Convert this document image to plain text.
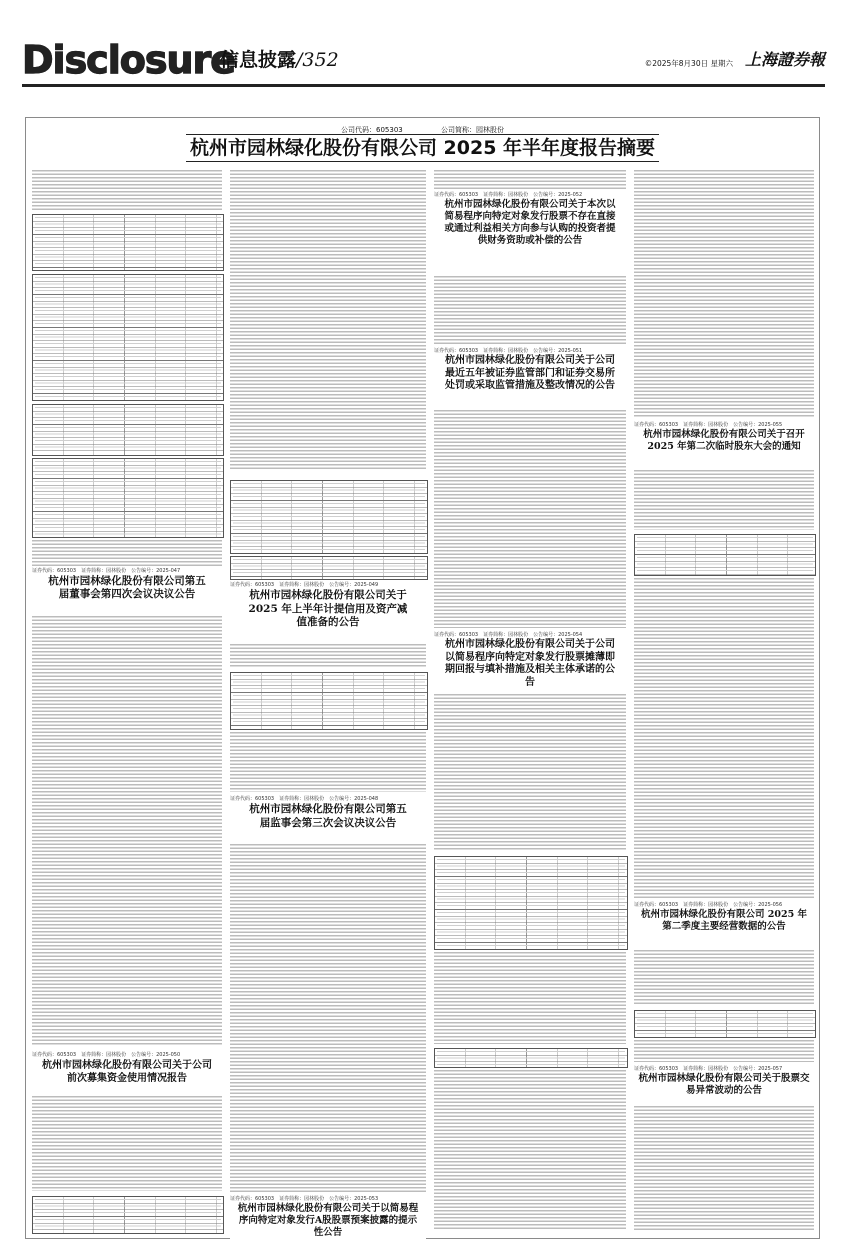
Disclosure
信息披露/352	©2025年8月30日 星期六 上海證券報
公司代码：605303	公司简称：园林股份
杭州市园林绿化股份有限公司 2025 年半年度报告摘要
证券代码：605303　证券简称：园林股份　公告编号：2025-047
杭州市园林绿化股份有限公司第五届董事会第四次会议决议公告
证券代码：605303　证券简称：园林股份　公告编号：2025-050
杭州市园林绿化股份有限公司关于公司前次募集资金使用情况报告
证券代码：605303　证券简称：园林股份　公告编号：2025-049
杭州市园林绿化股份有限公司关于 2025 年上半年计提信用及资产减值准备的公告
证券代码：605303　证券简称：园林股份　公告编号：2025-048
杭州市园林绿化股份有限公司第五届监事会第三次会议决议公告
证券代码：605303　证券简称：园林股份　公告编号：2025-053
杭州市园林绿化股份有限公司关于以简易程序向特定对象发行A股股票预案披露的提示性公告
证券代码：605303　证券简称：园林股份　公告编号：2025-052
杭州市园林绿化股份有限公司关于本次以简易程序向特定对象发行股票不存在直接或通过利益相关方向参与认购的投资者提供财务资助或补偿的公告
证券代码：605303　证券简称：园林股份　公告编号：2025-051
杭州市园林绿化股份有限公司关于公司最近五年被证券监管部门和证券交易所处罚或采取监管措施及整改情况的公告
证券代码：605303　证券简称：园林股份　公告编号：2025-054
杭州市园林绿化股份有限公司关于公司以简易程序向特定对象发行股票摊薄即期回报与填补措施及相关主体承诺的公告
证券代码：605303　证券简称：园林股份　公告编号：2025-055
杭州市园林绿化股份有限公司关于召开 2025 年第二次临时股东大会的通知
证券代码：605303　证券简称：园林股份　公告编号：2025-056
杭州市园林绿化股份有限公司 2025 年第二季度主要经营数据的公告
证券代码：605303　证券简称：园林股份　公告编号：2025-057
杭州市园林绿化股份有限公司关于股票交易异常波动的公告
